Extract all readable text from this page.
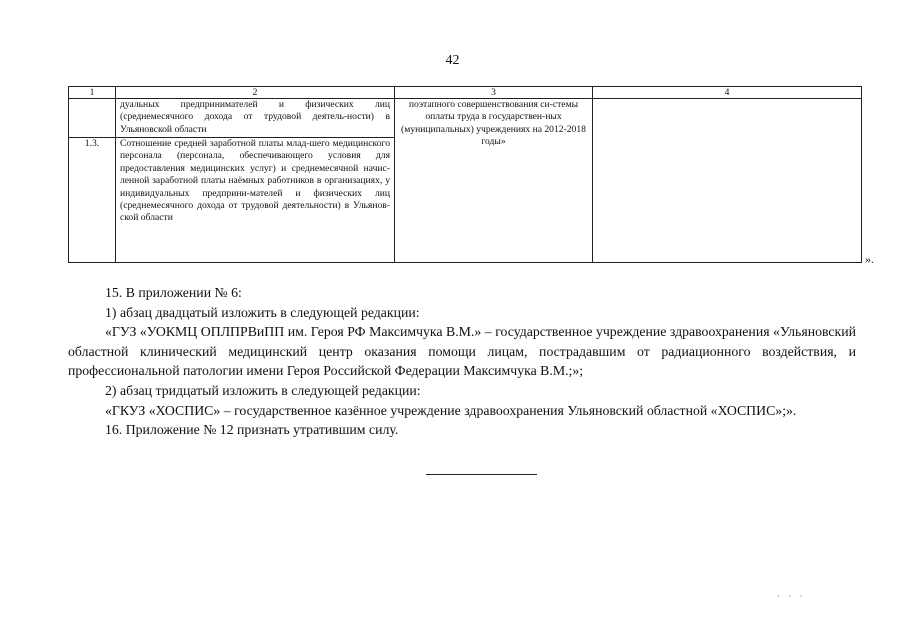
42
1	2	3	4
	дуальных предпринимателей и физических лиц (среднемесячного дохода от трудовой деятель-ности) в Ульяновской области	поэтапного совершенствования си-стемы оплаты труда в государствен-ных (муниципальных) учреждениях на 2012-2018 годы»	
1.3.	Сотношение средней заработной платы млад-шего медицинского персонала (персонала, обеспечивающего условия для предоставления медицинских услуг) и среднемесячной начис-ленной заработной платы наёмных работников в организациях, у индивидуальных предприни-мателей и физических лиц (среднемесячного дохода от трудовой деятельности) в Ульянов-ской области		
».

15. В приложении № 6:

1) абзац двадцатый изложить в следующей редакции:

«ГУЗ «УОКМЦ ОПЛПРВиПП им. Героя РФ Максимчука В.М.» – государственное учреждение здравоохранения «Ульяновский областной клинический медицинский центр оказания помощи лицам, пострадавшим от радиационного воздействия, и профессиональной патологии имени Героя Российской Федерации Максимчука В.М.;»;

2) абзац тридцатый изложить в следующей редакции:

«ГКУЗ «ХОСПИС» – государственное казённое учреждение здравоохранения Ульяновский областной «ХОСПИС»;».

16. Приложение № 12 признать утратившим силу.

· · ·
